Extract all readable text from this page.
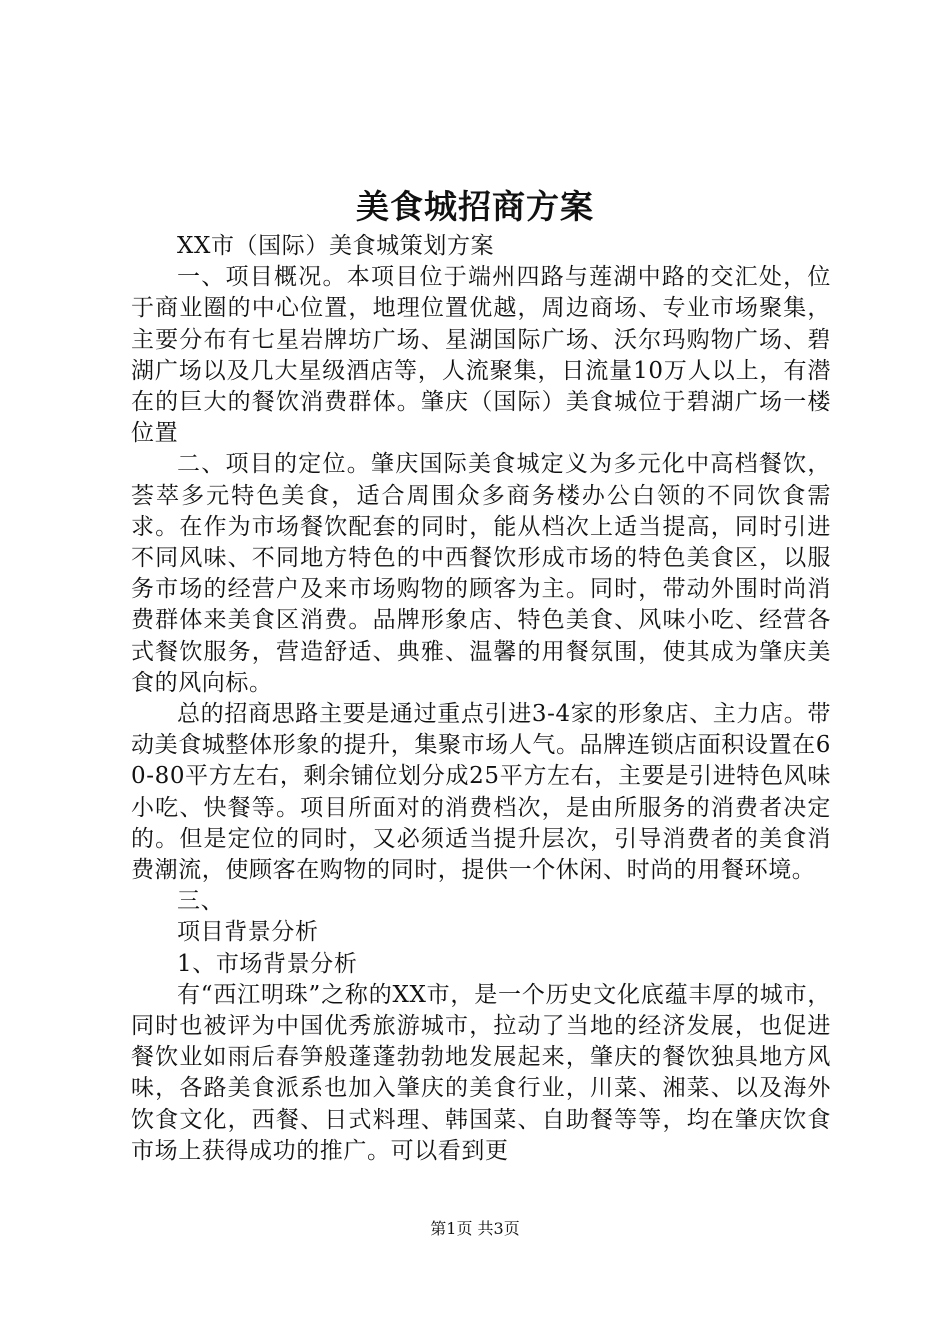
美食城招商方案

XX市（国际）美食城策划方案

一、项目概况。本项目位于端州四路与莲湖中路的交汇处，位于商业圈的中心位置，地理位置优越，周边商场、专业市场聚集，主要分布有七星岩牌坊广场、星湖国际广场、沃尔玛购物广场、碧湖广场以及几大星级酒店等，人流聚集，日流量10万人以上，有潜在的巨大的餐饮消费群体。肇庆（国际）美食城位于碧湖广场一楼位置

二、项目的定位。肇庆国际美食城定义为多元化中高档餐饮，荟萃多元特色美食，适合周围众多商务楼办公白领的不同饮食需求。在作为市场餐饮配套的同时，能从档次上适当提高，同时引进不同风味、不同地方特色的中西餐饮形成市场的特色美食区，以服务市场的经营户及来市场购物的顾客为主。同时，带动外围时尚消费群体来美食区消费。品牌形象店、特色美食、风味小吃、经营各式餐饮服务，营造舒适、典雅、温馨的用餐氛围，使其成为肇庆美食的风向标。

总的招商思路主要是通过重点引进3-4家的形象店、主力店。带动美食城整体形象的提升，集聚市场人气。品牌连锁店面积设置在60-80平方左右，剩余铺位划分成25平方左右，主要是引进特色风味小吃、快餐等。项目所面对的消费档次，是由所服务的消费者决定的。但是定位的同时，又必须适当提升层次，引导消费者的美食消费潮流，使顾客在购物的同时，提供一个休闲、时尚的用餐环境。

三、

项目背景分析

1、市场背景分析

有“西江明珠”之称的XX市，是一个历史文化底蕴丰厚的城市，同时也被评为中国优秀旅游城市，拉动了当地的经济发展，也促进餐饮业如雨后春笋般蓬蓬勃勃地发展起来，肇庆的餐饮独具地方风味，各路美食派系也加入肇庆的美食行业，川菜、湘菜、以及海外饮食文化，西餐、日式料理、韩国菜、自助餐等等，均在肇庆饮食市场上获得成功的推广。可以看到更

第1页 共3页
